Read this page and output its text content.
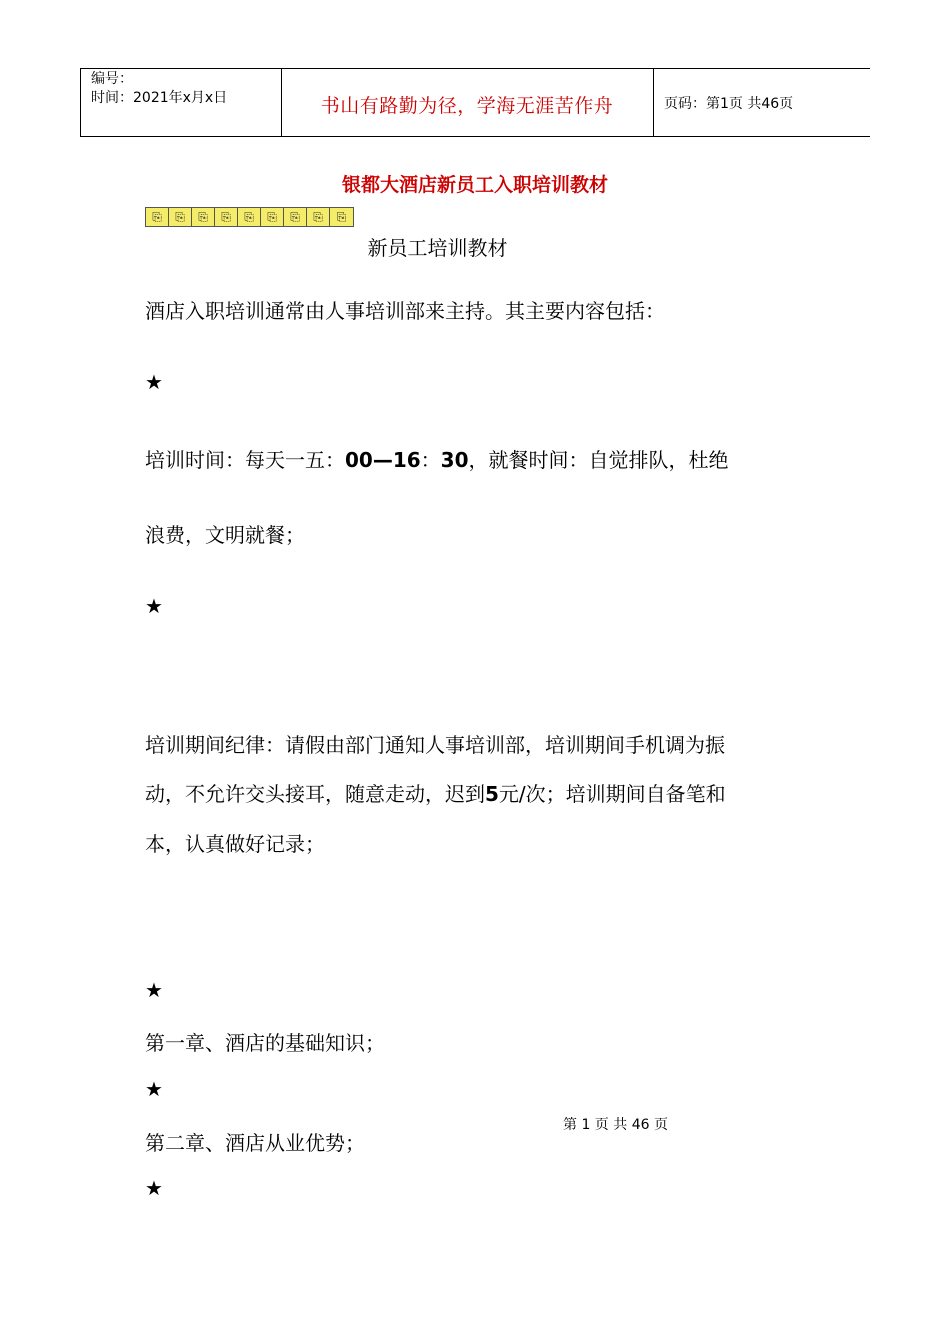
编号：
时间：2021年x月x日	书山有路勤为径，学海无涯苦作舟	页码：第1页 共46页
银都大酒店新员工入职培训教材
⎘	⎘	⎘	⎘	⎘	⎘	⎘	⎘	⎘
新员工培训教材
酒店入职培训通常由人事培训部来主持。其主要内容包括：
★
培训时间：每天一五：00—16：30，就餐时间：自觉排队，杜绝
浪费，文明就餐；
★
培训期间纪律：请假由部门通知人事培训部，培训期间手机调为振
动，不允许交头接耳，随意走动，迟到5元/次；培训期间自备笔和
本，认真做好记录；
★
第一章、酒店的基础知识；
★
第二章、酒店从业优势；
★
第 1 页 共 46 页
